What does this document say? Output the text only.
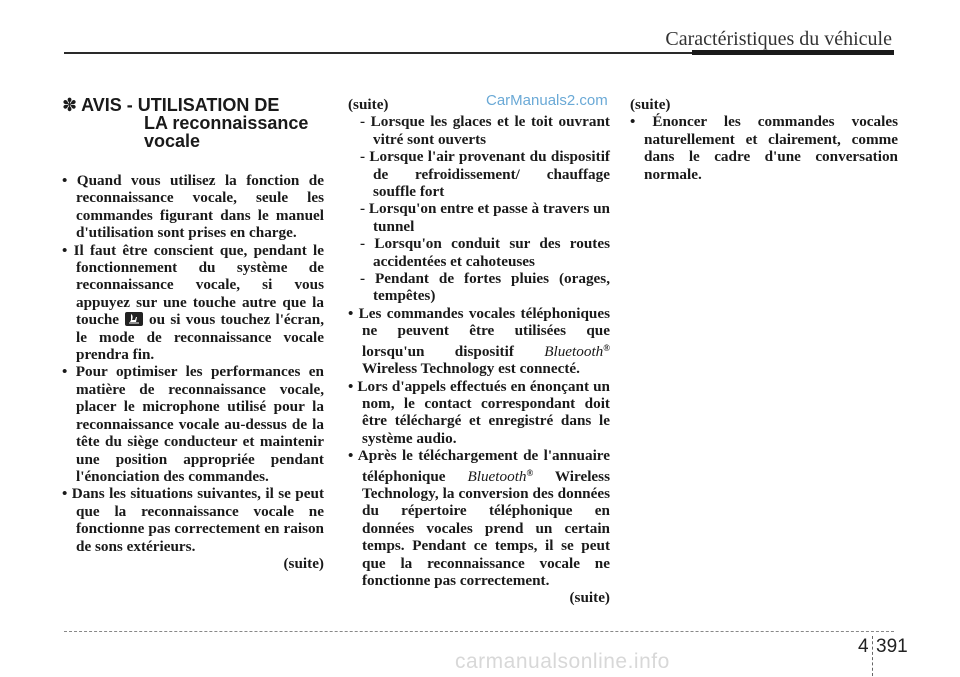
Caractéristiques du véhicule
CarManuals2.com
✽ AVIS - UTILISATION DE
LA reconnaissance
vocale

• Quand vous utilisez la fonction de reconnaissance vocale, seule les commandes figurant dans le manuel d'utilisation sont prises en charge.

• Il faut être conscient que, pendant le fonctionnement du système de reconnaissance vocale, si vous appuyez sur une touche autre que la touche ou si vous touchez l'écran, le mode de reconnaissance vocale prendra fin.

• Pour optimiser les performances en matière de reconnaissance vocale, placer le microphone utilisé pour la reconnaissance vocale au-dessus de la tête du siège conducteur et maintenir une position appropriée pendant l'énonciation des commandes.

• Dans les situations suivantes, il se peut que la reconnaissance vocale ne fonctionne pas correctement en raison de sons extérieurs.

(suite)

(suite)

- Lorsque les glaces et le toit ouvrant vitré sont ouverts

- Lorsque l'air provenant du dispositif de refroidissement/ chauffage souffle fort

- Lorsqu'on entre et passe à travers un tunnel

- Lorsqu'on conduit sur des routes accidentées et cahoteuses

- Pendant de fortes pluies (orages, tempêtes)

• Les commandes vocales téléphoniques ne peuvent être utilisées que lorsqu'un dispositif Bluetooth® Wireless Technology est connecté.

• Lors d'appels effectués en énonçant un nom, le contact correspondant doit être téléchargé et enregistré dans le système audio.

• Après le téléchargement de l'annuaire téléphonique Bluetooth® Wireless Technology, la conversion des données du répertoire téléphonique en données vocales prend un certain temps. Pendant ce temps, il se peut que la reconnaissance vocale ne fonctionne pas correctement.

(suite)

(suite)

• Énoncer les commandes vocales naturellement et clairement, comme dans le cadre d'une conversation normale.

4 391
carmanualsonline.info
